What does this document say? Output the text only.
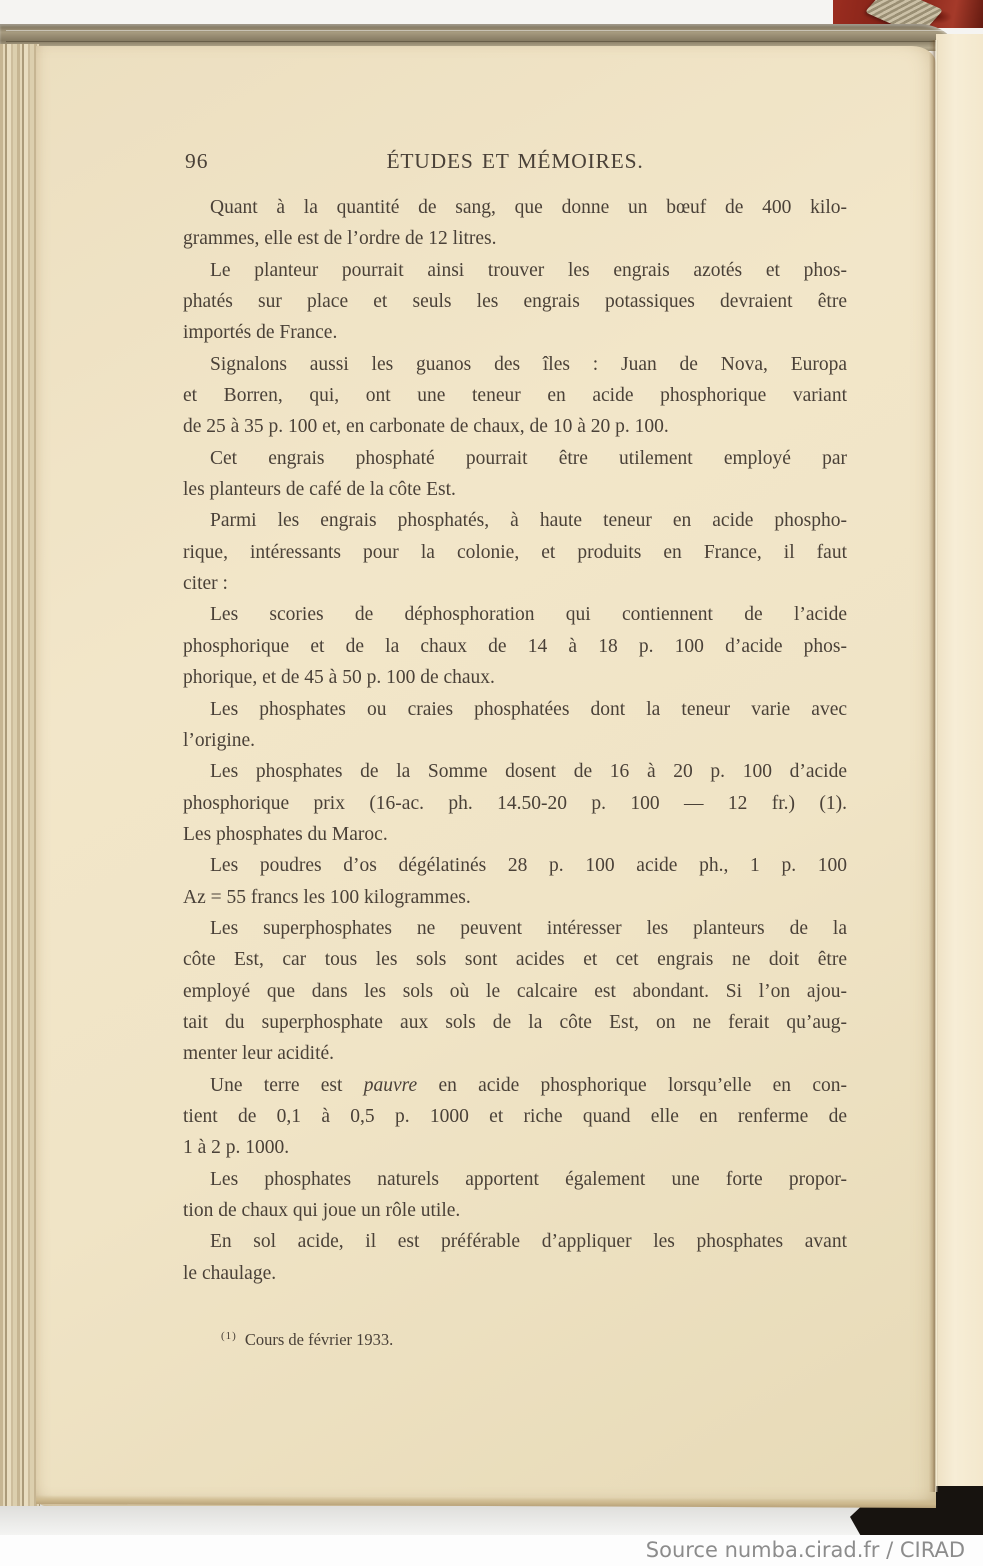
96	ÉTUDES ET MÉMOIRES.
Quant à la quantité de sang, que donne un bœuf de 400 kilo-
grammes, elle est de l’ordre de 12 litres.
Le planteur pourrait ainsi trouver les engrais azotés et phos-
phatés sur place et seuls les engrais potassiques devraient être
importés de France.
Signalons aussi les guanos des îles : Juan de Nova, Europa
et Borren, qui, ont une teneur en acide phosphorique variant
de 25 à 35 p. 100 et, en carbonate de chaux, de 10 à 20 p. 100.
Cet engrais phosphaté pourrait être utilement employé par
les planteurs de café de la côte Est.
Parmi les engrais phosphatés, à haute teneur en acide phospho-
rique, intéressants pour la colonie, et produits en France, il faut
citer :
Les scories de déphosphoration qui contiennent de l’acide
phosphorique et de la chaux de 14 à 18 p. 100 d’acide phos-
phorique, et de 45 à 50 p. 100 de chaux.
Les phosphates ou craies phosphatées dont la teneur varie avec
l’origine.
Les phosphates de la Somme dosent de 16 à 20 p. 100 d’acide
phosphorique prix (16-ac. ph. 14.50-20 p. 100 — 12 fr.) (1).
Les phosphates du Maroc.
Les poudres d’os dégélatinés 28 p. 100 acide ph., 1 p. 100
Az = 55 francs les 100 kilogrammes.
Les superphosphates ne peuvent intéresser les planteurs de la
côte Est, car tous les sols sont acides et cet engrais ne doit être
employé que dans les sols où le calcaire est abondant. Si l’on ajou-
tait du superphosphate aux sols de la côte Est, on ne ferait qu’aug-
menter leur acidité.
Une terre est pauvre en acide phosphorique lorsqu’elle en con-
tient de 0,1 à 0,5 p. 1000 et riche quand elle en renferme de
1 à 2 p. 1000.
Les phosphates naturels apportent également une forte propor-
tion de chaux qui joue un rôle utile.
En sol acide, il est préférable d’appliquer les phosphates avant
le chaulage.
$^{(1)}$ Cours de février 1933.
Source numba.cirad.fr / CIRAD
